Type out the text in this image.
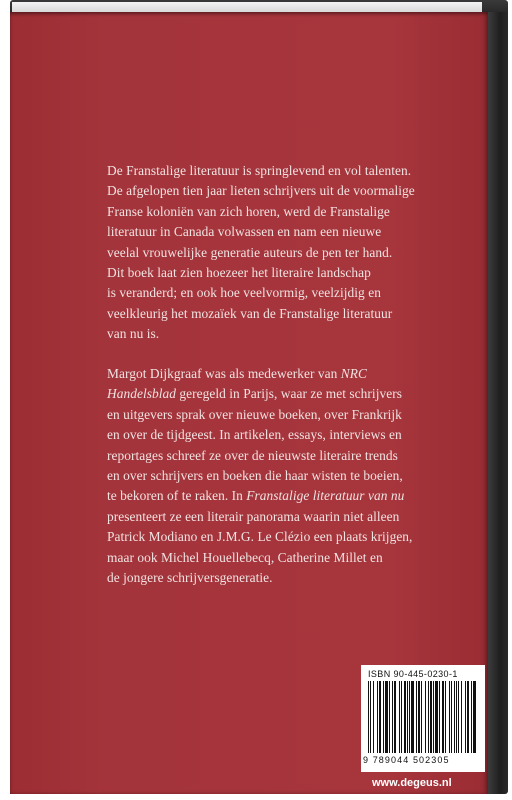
De Franstalige literatuur is springlevend en vol talenten.
De afgelopen tien jaar lieten schrijvers uit de voormalige
Franse koloniën van zich horen, werd de Franstalige
literatuur in Canada volwassen en nam een nieuwe
veelal vrouwelijke generatie auteurs de pen ter hand.
Dit boek laat zien hoezeer het literaire landschap
is veranderd; en ook hoe veelvormig, veelzijdig en
veelkleurig het mozaïek van de Franstalige literatuur
van nu is.
Margot Dijkgraaf was als medewerker van NRC
Handelsblad geregeld in Parijs, waar ze met schrijvers
en uitgevers sprak over nieuwe boeken, over Frankrijk
en over de tijdgeest. In artikelen, essays, interviews en
reportages schreef ze over de nieuwste literaire trends
en over schrijvers en boeken die haar wisten te boeien,
te bekoren of te raken. In Franstalige literatuur van nu
presenteert ze een literair panorama waarin niet alleen
Patrick Modiano en J.M.G. Le Clézio een plaats krijgen,
maar ook Michel Houellebecq, Catherine Millet en
de jongere schrijversgeneratie.
ISBN 90-445-0230-1
9 789044 502305
www.degeus.nl
